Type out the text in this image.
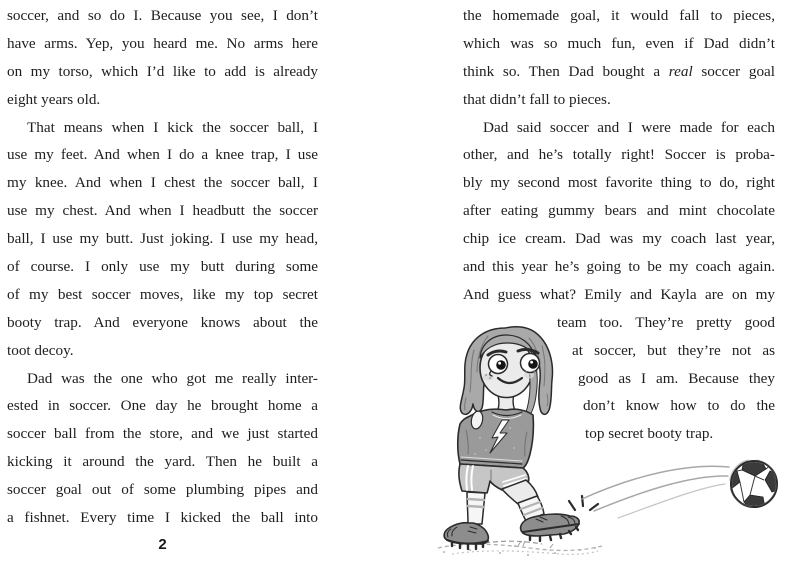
soccer, and so do I. Because you see, I don’t
have arms. Yep, you heard me. No arms here
on my torso, which I’d like to add is already
eight years old.
That means when I kick the soccer ball, I
use my feet. And when I do a knee trap, I use
my knee. And when I chest the soccer ball, I
use my chest. And when I headbutt the soccer
ball, I use my butt. Just joking. I use my head,
of course. I only use my butt during some
of my best soccer moves, like my top secret
booty trap. And everyone knows about the
toot decoy.
Dad was the one who got me really inter-
ested in soccer. One day he brought home a
soccer ball from the store, and we just started
kicking it around the yard. Then he built a
soccer goal out of some plumbing pipes and
a fishnet. Every time I kicked the ball into
the homemade goal, it would fall to pieces,
which was so much fun, even if Dad didn’t
think so. Then Dad bought a real soccer goal
that didn’t fall to pieces.
Dad said soccer and I were made for each
other, and he’s totally right! Soccer is proba-
bly my second most favorite thing to do, right
after eating gummy bears and mint chocolate
chip ice cream. Dad was my coach last year,
and this year he’s going to be my coach again.
And guess what? Emily and Kayla are on my
team too. They’re pretty good
at soccer, but they’re not as
good as I am. Because they
don’t know how to do the
top secret booty trap.
2
